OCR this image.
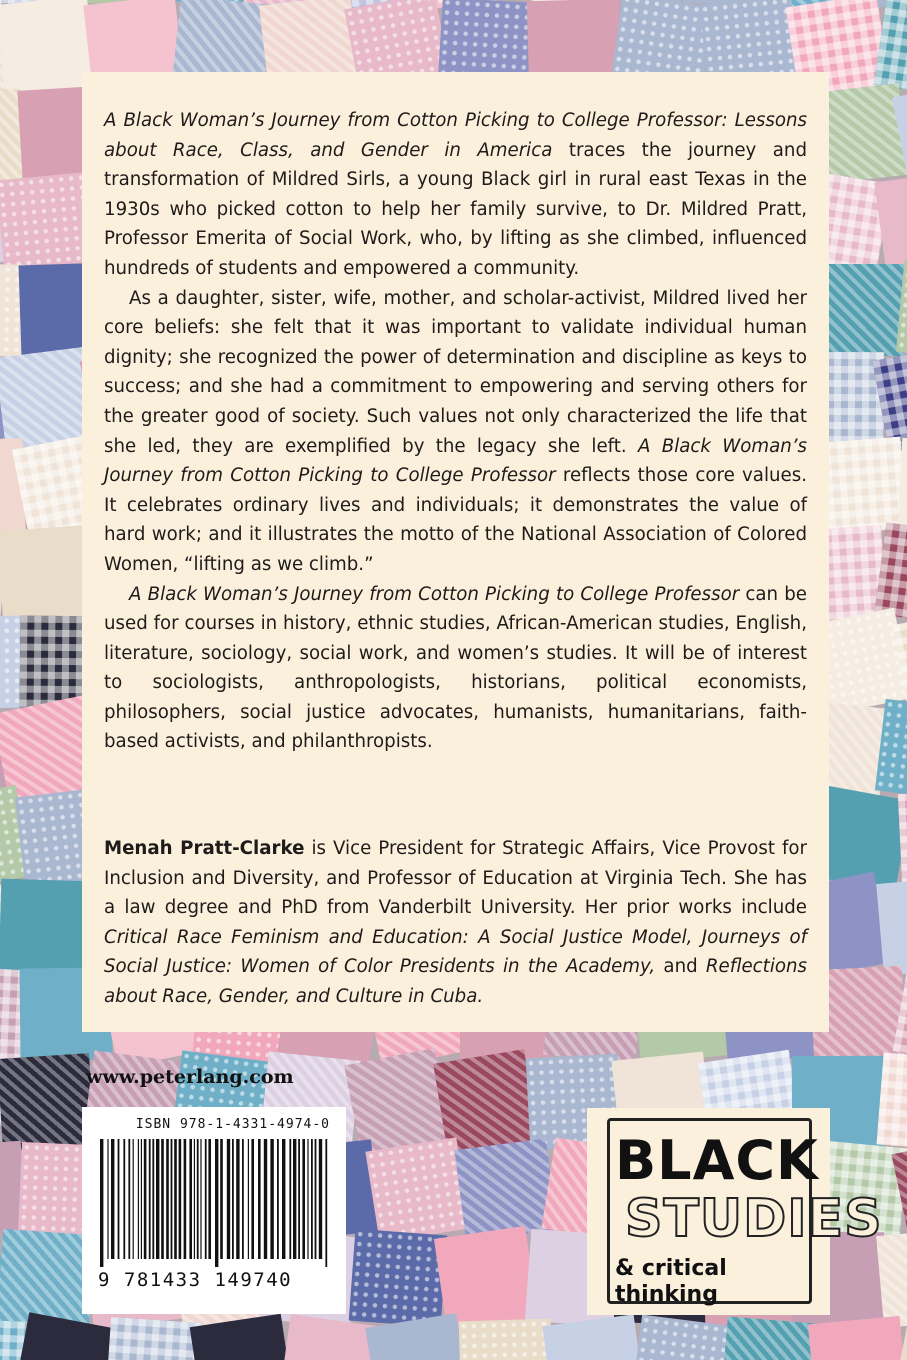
A Black Woman’s Journey from Cotton Picking to College Professor: Lessons about Race, Class, and Gender in America traces the journey and transformation of Mildred Sirls, a young Black girl in rural east Texas in the 1930s who picked cotton to help her family survive, to Dr. Mildred Pratt, Professor Emerita of Social Work, who, by lifting as she climbed, influenced hundreds of students and empowered a community.

As a daughter, sister, wife, mother, and scholar-activist, Mildred lived her core beliefs: she felt that it was important to validate individual human dignity; she recognized the power of determination and discipline as keys to success; and she had a commitment to empowering and serving others for the greater good of society. Such values not only characterized the life that she led, they are exemplified by the legacy she left. A Black Woman’s Journey from Cotton Picking to College Professor reflects those core values. It celebrates ordinary lives and individuals; it demonstrates the value of hard work; and it illustrates the motto of the National Association of Colored Women, “lifting as we climb.”

A Black Woman’s Journey from Cotton Picking to College Professor can be used for courses in history, ethnic studies, African-American studies, English, literature, sociology, social work, and women’s studies. It will be of interest to sociologists, anthropologists, historians, political economists, philosophers, social justice advocates, humanists, humanitarians, faith-based activists, and philanthropists.

Menah Pratt-Clarke is Vice President for Strategic Affairs, Vice Provost for Inclusion and Diversity, and Professor of Education at Virginia Tech. She has a law degree and PhD from Vanderbilt University. Her prior works include Critical Race Feminism and Education: A Social Justice Model, Journeys of Social Justice: Women of Color Presidents in the Academy, and Reflections about Race, Gender, and Culture in Cuba.

www.peterlang.com
ISBN 978-1-4331-4974-0
9 781433 149740
BLACK
STUDIES
& critical thinking
